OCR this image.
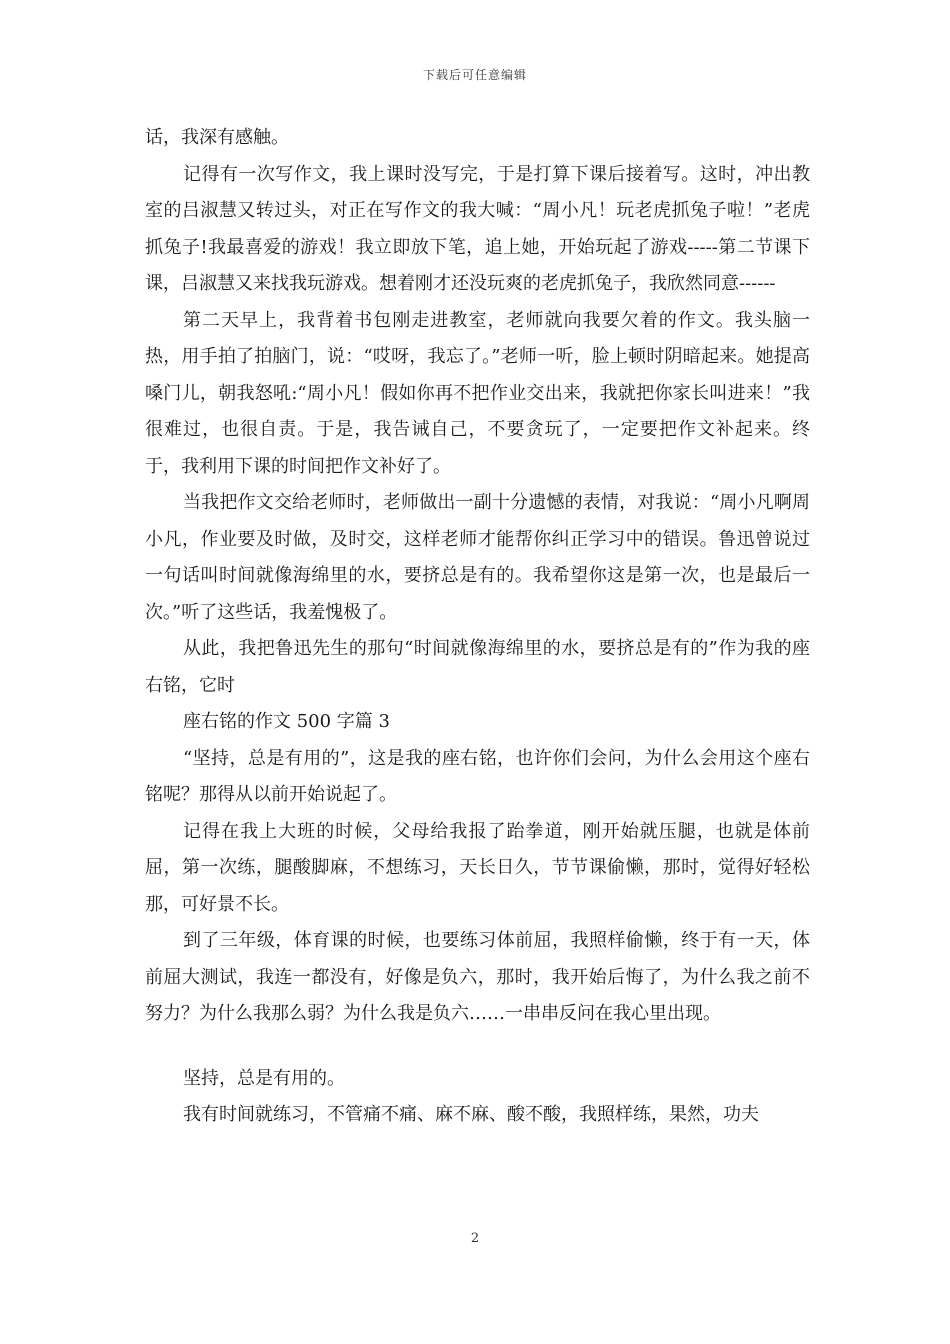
下载后可任意编辑

话，我深有感触。

记得有一次写作文，我上课时没写完，于是打算下课后接着写。这时，冲出教室的吕淑慧又转过头，对正在写作文的我大喊：“周小凡！玩老虎抓兔子啦！”老虎抓兔子!我最喜爱的游戏！我立即放下笔，追上她，开始玩起了游戏-----第二节课下课，吕淑慧又来找我玩游戏。想着刚才还没玩爽的老虎抓兔子，我欣然同意------

第二天早上，我背着书包刚走进教室，老师就向我要欠着的作文。我头脑一热，用手拍了拍脑门，说：“哎呀，我忘了。”老师一听，脸上顿时阴暗起来。她提高嗓门儿，朝我怒吼:“周小凡！假如你再不把作业交出来，我就把你家长叫进来！”我很难过，也很自责。于是，我告诫自己，不要贪玩了，一定要把作文补起来。终于，我利用下课的时间把作文补好了。

当我把作文交给老师时，老师做出一副十分遗憾的表情，对我说：“周小凡啊周小凡，作业要及时做，及时交，这样老师才能帮你纠正学习中的错误。鲁迅曾说过一句话叫时间就像海绵里的水，要挤总是有的。我希望你这是第一次，也是最后一次。”听了这些话，我羞愧极了。

从此，我把鲁迅先生的那句“时间就像海绵里的水，要挤总是有的”作为我的座右铭，它时

座右铭的作文 500 字篇 3

“坚持，总是有用的”，这是我的座右铭，也许你们会问，为什么会用这个座右铭呢？那得从以前开始说起了。

记得在我上大班的时候，父母给我报了跆拳道，刚开始就压腿，也就是体前屈，第一次练，腿酸脚麻，不想练习，天长日久，节节课偷懒，那时，觉得好轻松那，可好景不长。

到了三年级，体育课的时候，也要练习体前屈，我照样偷懒，终于有一天，体前屈大测试，我连一都没有，好像是负六，那时，我开始后悔了，为什么我之前不努力？为什么我那么弱？为什么我是负六……一串串反问在我心里出现。

坚持，总是有用的。

我有时间就练习，不管痛不痛、麻不麻、酸不酸，我照样练，果然，功夫

2
